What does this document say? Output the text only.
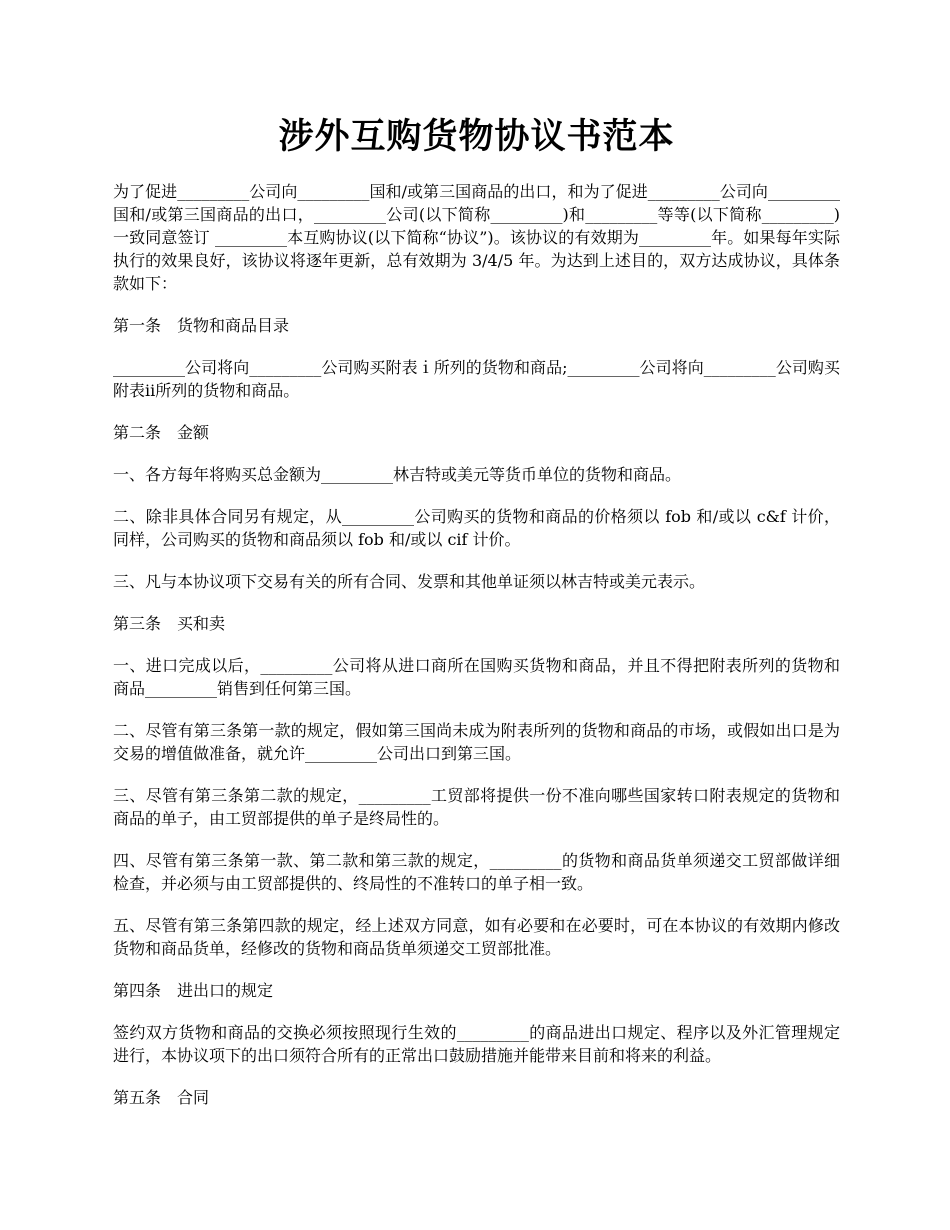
涉外互购货物协议书范本

为了促进_________公司向_________国和/或第三国商品的出口，和为了促进_________公司向_________国和/或第三国商品的出口，_________公司(以下简称_________)和_________等等(以下简称_________)一致同意签订 _________本互购协议(以下简称“协议”)。该协议的有效期为_________年。如果每年实际执行的效果良好，该协议将逐年更新，总有效期为 3/4/5 年。为达到上述目的，双方达成协议，具体条款如下：

第一条　货物和商品目录

_________公司将向_________公司购买附表ｉ所列的货物和商品;_________公司将向_________公司购买附表ii所列的货物和商品。

第二条　金额

一、各方每年将购买总金额为_________林吉特或美元等货币单位的货物和商品。

二、除非具体合同另有规定，从_________公司购买的货物和商品的价格须以 fob 和/或以 c&f 计价，同样，公司购买的货物和商品须以 fob 和/或以 cif 计价。

三、凡与本协议项下交易有关的所有合同、发票和其他单证须以林吉特或美元表示。

第三条　买和卖

一、进口完成以后，_________公司将从进口商所在国购买货物和商品，并且不得把附表所列的货物和商品_________销售到任何第三国。

二、尽管有第三条第一款的规定，假如第三国尚未成为附表所列的货物和商品的市场，或假如出口是为交易的增值做准备，就允许_________公司出口到第三国。

三、尽管有第三条第二款的规定，_________工贸部将提供一份不准向哪些国家转口附表规定的货物和商品的单子，由工贸部提供的单子是终局性的。

四、尽管有第三条第一款、第二款和第三款的规定，_________的货物和商品货单须递交工贸部做详细检查，并必须与由工贸部提供的、终局性的不准转口的单子相一致。

五、尽管有第三条第四款的规定，经上述双方同意，如有必要和在必要时，可在本协议的有效期内修改货物和商品货单，经修改的货物和商品货单须递交工贸部批准。

第四条　进出口的规定

签约双方货物和商品的交换必须按照现行生效的_________的商品进出口规定、程序以及外汇管理规定进行，本协议项下的出口须符合所有的正常出口鼓励措施并能带来目前和将来的利益。

第五条　合同
